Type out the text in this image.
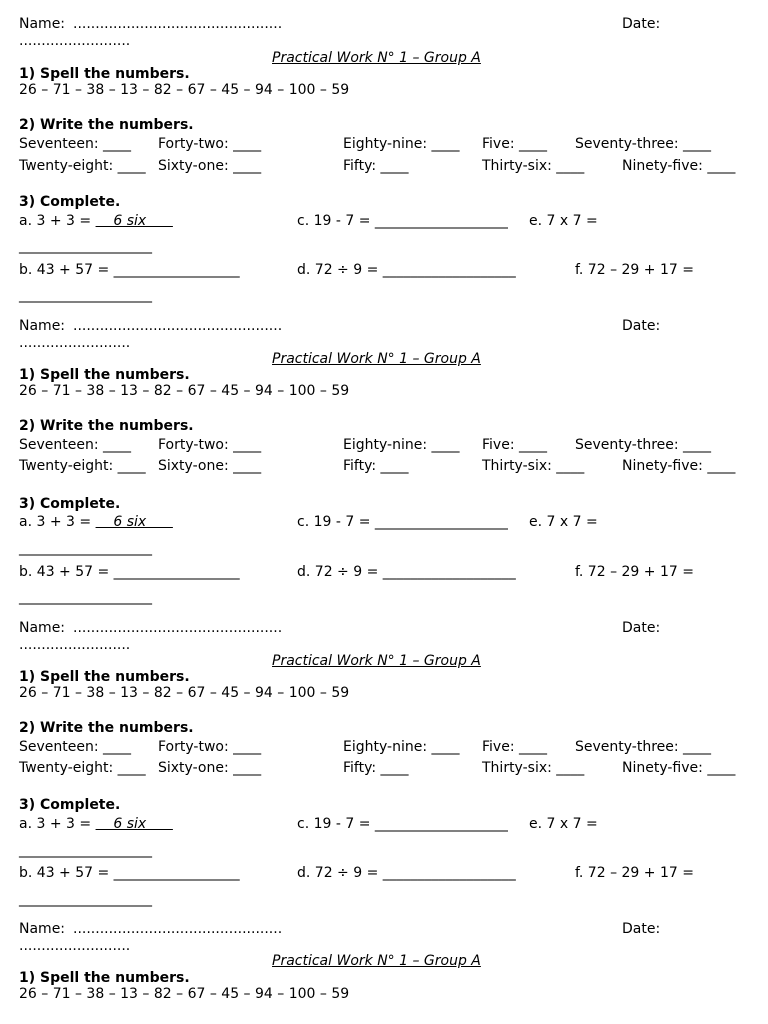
Name: ...............................................	Date:
.........................
Practical Work N° 1 – Group A
1) Spell the numbers.
26 – 71 – 38 – 13 – 82 – 67 – 45 – 94 – 100 – 59
2) Write the numbers.
Seventeen: ____ Forty-two: ____	Eighty-nine: ____ Five: ____ Seventy-three: ____
Twenty-eight: ____ Sixty-one: ____	Fifty: ____	Thirty-six: ____	Ninety-five: ____
3) Complete.
a. 3 + 3 =     6 six	c. 19 - 7 = ___________________ e. 7 x 7 =
___________________
b. 43 + 57 = __________________	d. 72 ÷ 9 = ___________________	f. 72 – 29 + 17 =
___________________
Name: ...............................................	Date:
.........................
Practical Work N° 1 – Group A
1) Spell the numbers.
26 – 71 – 38 – 13 – 82 – 67 – 45 – 94 – 100 – 59
2) Write the numbers.
Seventeen: ____ Forty-two: ____	Eighty-nine: ____ Five: ____ Seventy-three: ____
Twenty-eight: ____ Sixty-one: ____	Fifty: ____	Thirty-six: ____	Ninety-five: ____
3) Complete.
a. 3 + 3 =     6 six	c. 19 - 7 = ___________________ e. 7 x 7 =
___________________
b. 43 + 57 = __________________	d. 72 ÷ 9 = ___________________	f. 72 – 29 + 17 =
___________________
Name: ...............................................	Date:
.........................
Practical Work N° 1 – Group A
1) Spell the numbers.
26 – 71 – 38 – 13 – 82 – 67 – 45 – 94 – 100 – 59
2) Write the numbers.
Seventeen: ____ Forty-two: ____	Eighty-nine: ____ Five: ____ Seventy-three: ____
Twenty-eight: ____ Sixty-one: ____	Fifty: ____	Thirty-six: ____	Ninety-five: ____
3) Complete.
a. 3 + 3 =     6 six	c. 19 - 7 = ___________________ e. 7 x 7 =
___________________
b. 43 + 57 = __________________	d. 72 ÷ 9 = ___________________	f. 72 – 29 + 17 =
___________________
Name: ...............................................	Date:
.........................
Practical Work N° 1 – Group A
1) Spell the numbers.
26 – 71 – 38 – 13 – 82 – 67 – 45 – 94 – 100 – 59
